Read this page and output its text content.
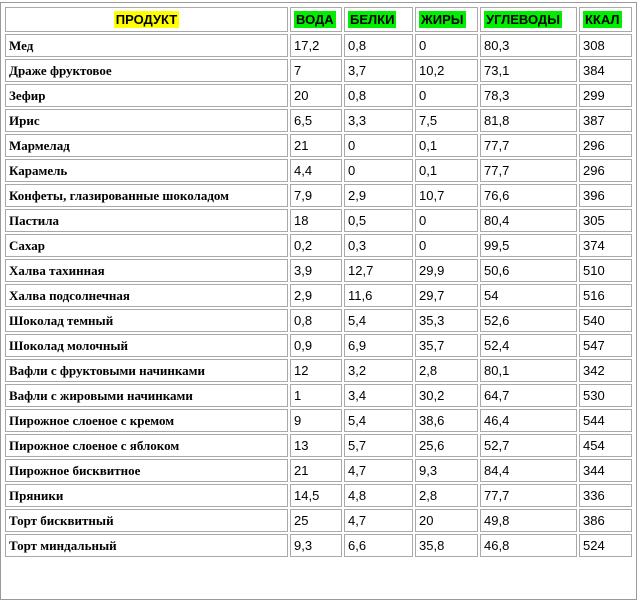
ПРОДУКТ	ВОДА	БЕЛКИ	ЖИРЫ	УГЛЕВОДЫ	ККАЛ
Мед	17,2	0,8	0	80,3	308
Драже фруктовое	7	3,7	10,2	73,1	384
Зефир	20	0,8	0	78,3	299
Ирис	6,5	3,3	7,5	81,8	387
Мармелад	21	0	0,1	77,7	296
Карамель	4,4	0	0,1	77,7	296
Конфеты, глазированные шоколадом	7,9	2,9	10,7	76,6	396
Пастила	18	0,5	0	80,4	305
Сахар	0,2	0,3	0	99,5	374
Халва тахинная	3,9	12,7	29,9	50,6	510
Халва подсолнечная	2,9	11,6	29,7	54	516
Шоколад темный	0,8	5,4	35,3	52,6	540
Шоколад молочный	0,9	6,9	35,7	52,4	547
Вафли с фруктовыми начинками	12	3,2	2,8	80,1	342
Вафли с жировыми начинками	1	3,4	30,2	64,7	530
Пирожное слоеное с кремом	9	5,4	38,6	46,4	544
Пирожное слоеное с яблоком	13	5,7	25,6	52,7	454
Пирожное бисквитное	21	4,7	9,3	84,4	344
Пряники	14,5	4,8	2,8	77,7	336
Торт бисквитный	25	4,7	20	49,8	386
Торт миндальный	9,3	6,6	35,8	46,8	524
